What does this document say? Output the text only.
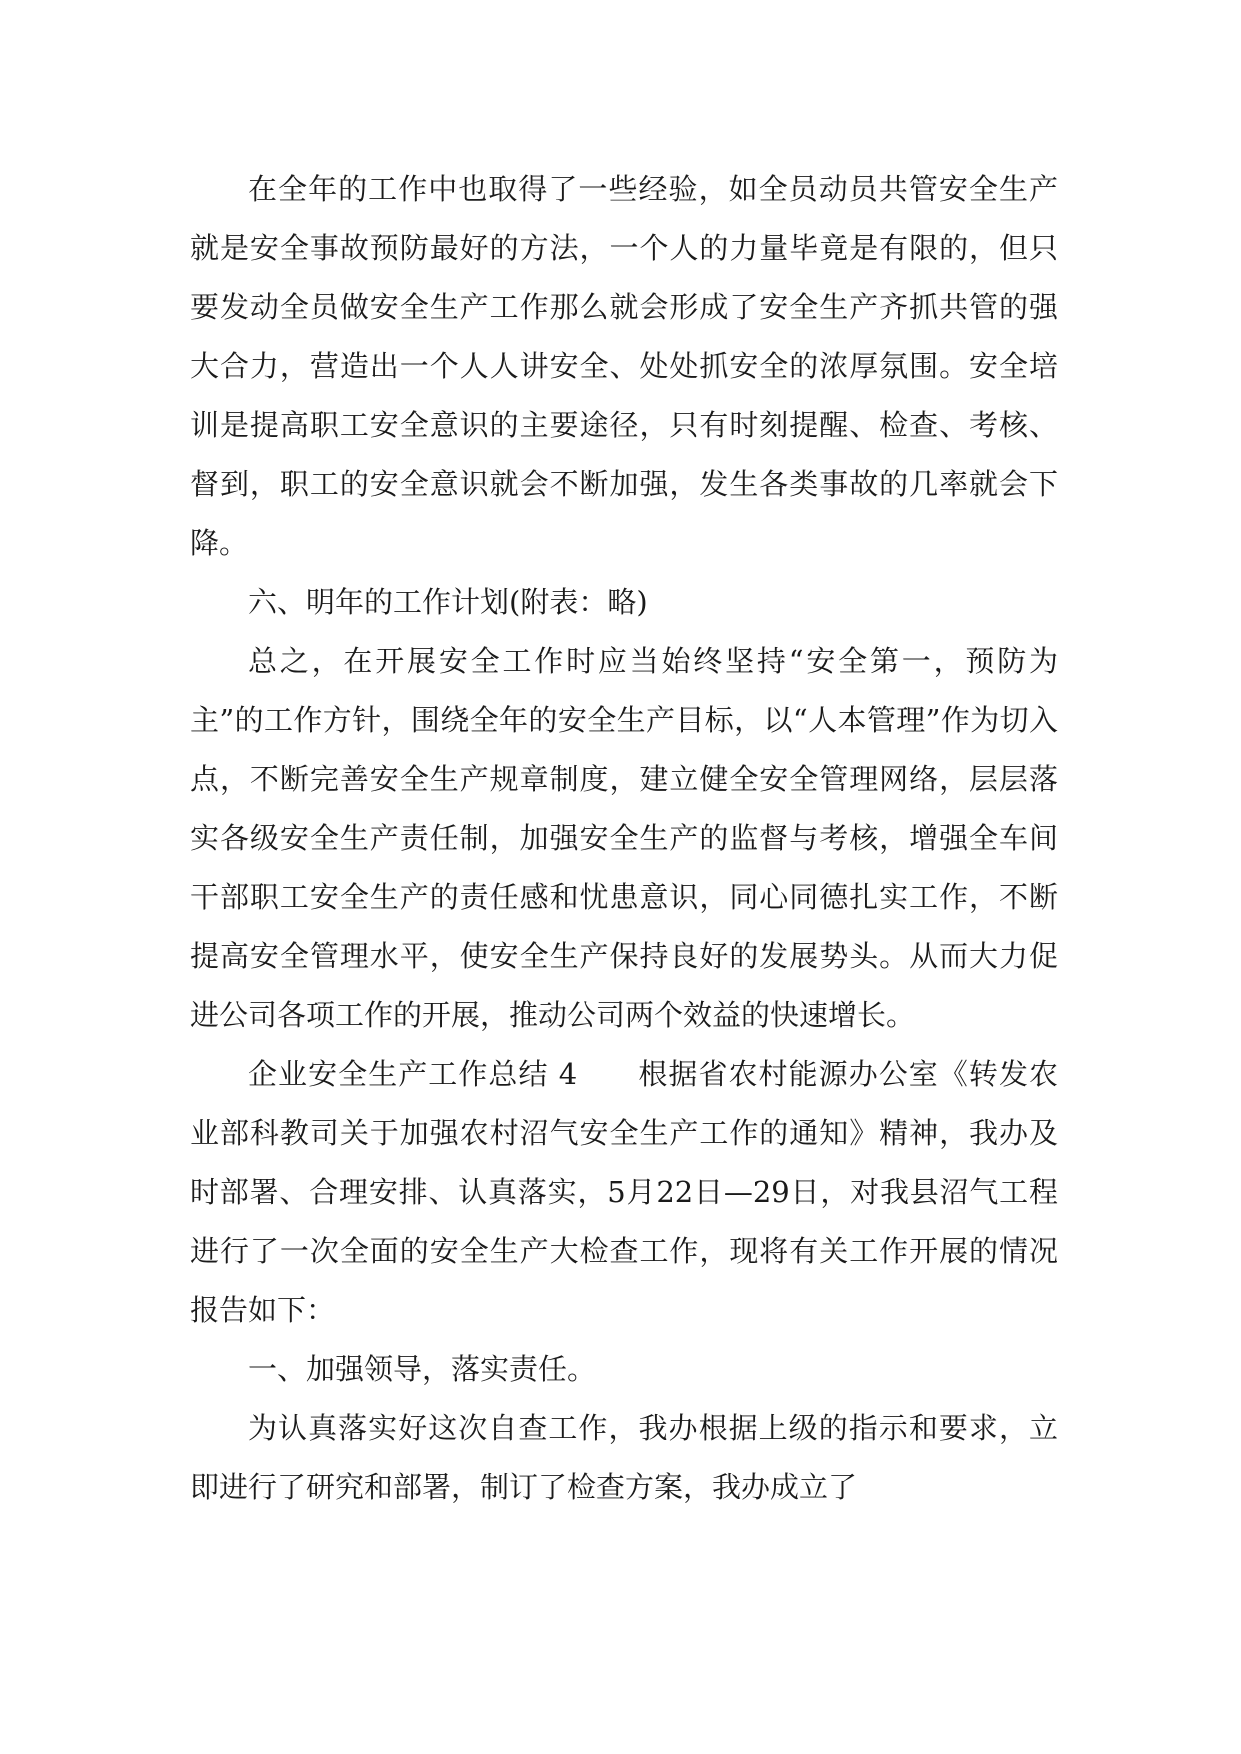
在全年的工作中也取得了一些经验，如全员动员共管安全生产就是安全事故预防最好的方法，一个人的力量毕竟是有限的，但只要发动全员做安全生产工作那么就会形成了安全生产齐抓共管的强大合力，营造出一个人人讲安全、处处抓安全的浓厚氛围。安全培训是提高职工安全意识的主要途径，只有时刻提醒、检查、考核、督到，职工的安全意识就会不断加强，发生各类事故的几率就会下降。

六、明年的工作计划(附表：略)

总之，在开展安全工作时应当始终坚持“安全第一，预防为主”的工作方针，围绕全年的安全生产目标，以“人本管理”作为切入点，不断完善安全生产规章制度，建立健全安全管理网络，层层落实各级安全生产责任制，加强安全生产的监督与考核，增强全车间干部职工安全生产的责任感和忧患意识，同心同德扎实工作，不断提高安全管理水平，使安全生产保持良好的发展势头。从而大力促进公司各项工作的开展，推动公司两个效益的快速增长。

企业安全生产工作总结 4　　根据省农村能源办公室《转发农业部科教司关于加强农村沼气安全生产工作的通知》精神，我办及时部署、合理安排、认真落实，5月22日—29日，对我县沼气工程进行了一次全面的安全生产大检查工作，现将有关工作开展的情况报告如下：

一、加强领导，落实责任。

为认真落实好这次自查工作，我办根据上级的指示和要求，立即进行了研究和部署，制订了检查方案，我办成立了
